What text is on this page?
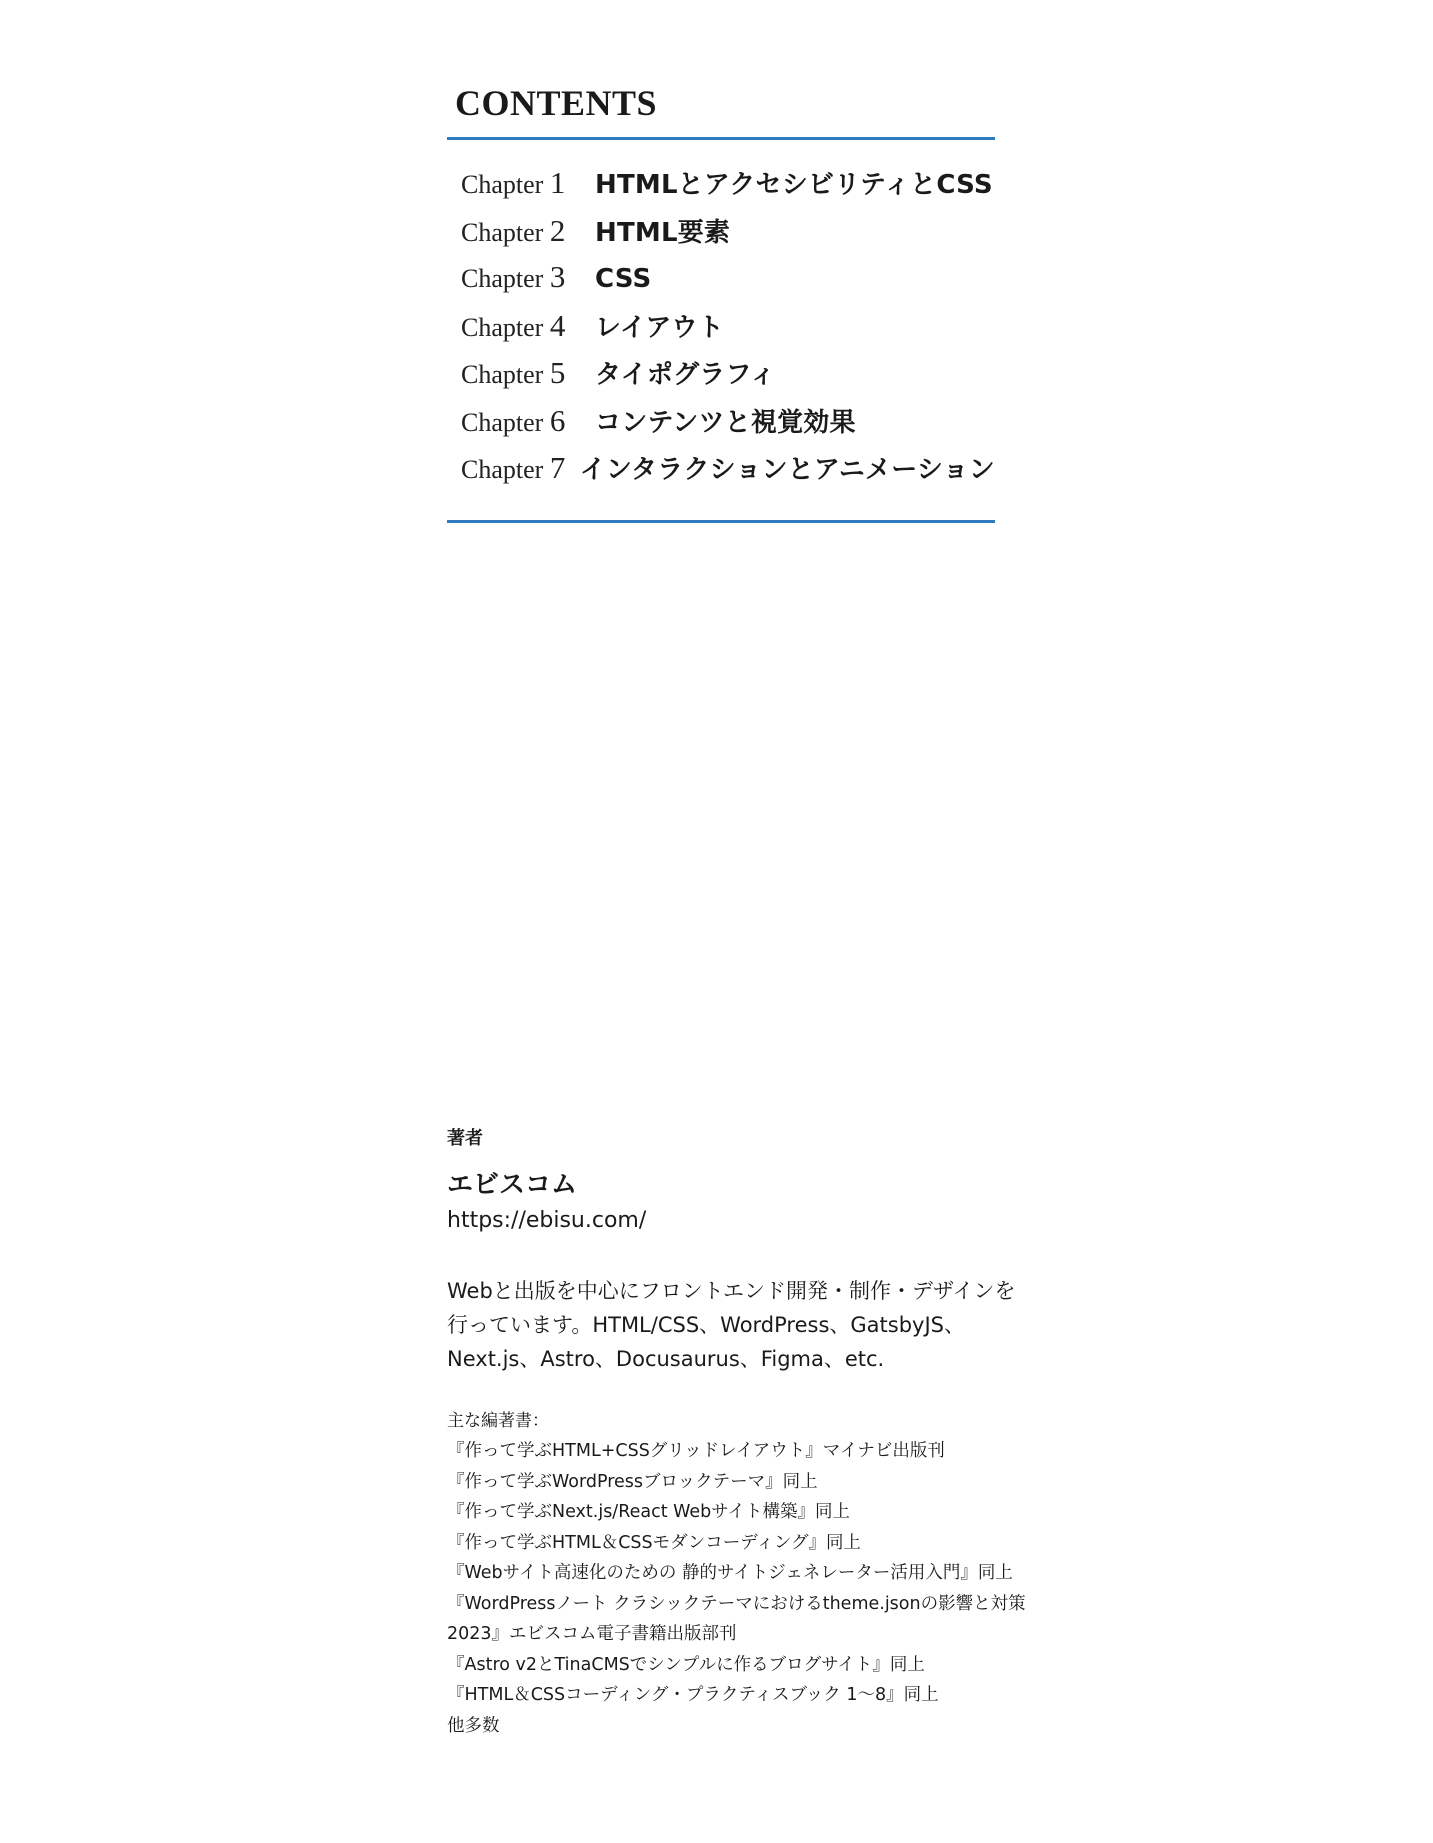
CONTENTS
Chapter 1	HTMLとアクセシビリティとCSS
Chapter 2	HTML要素
Chapter 3	CSS
Chapter 4	レイアウト
Chapter 5	タイポグラフィ
Chapter 6	コンテンツと視覚効果
Chapter 7 インタラクションとアニメーション
著者

エビスコム

https://ebisu.com/

Webと出版を中心にフロントエンド開発・制作・デザインを行っています。HTML/CSS、WordPress、GatsbyJS、Next.js、Astro、Docusaurus、Figma、etc.

主な編著書：

『作って学ぶHTML+CSSグリッドレイアウト』マイナビ出版刊
『作って学ぶWordPressブロックテーマ』同上
『作って学ぶNext.js/React Webサイト構築』同上
『作って学ぶHTML＆CSSモダンコーディング』同上
『Webサイト高速化のための 静的サイトジェネレーター活用入門』同上
『WordPressノート クラシックテーマにおけるtheme.jsonの影響と対策2023』エビスコム電子書籍出版部刊
『Astro v2とTinaCMSでシンプルに作るブログサイト』同上
『HTML＆CSSコーディング・プラクティスブック 1〜8』同上
他多数
